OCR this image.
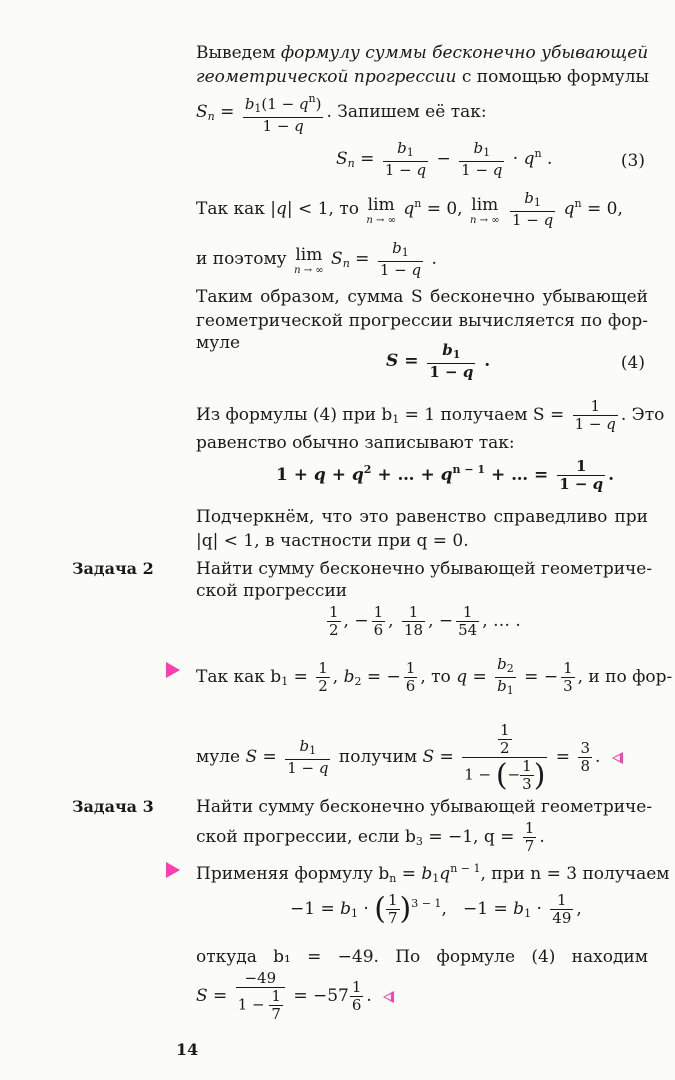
Выведем формулу суммы бесконечно убывающей
геометрической прогрессии с помощью формулы
$S_n = \frac{b_1(1 - q^n)}{1 - q}$ . Запишем её так:
$S_n = \frac{b_1}{1 - q} - \frac{b_1}{1 - q} \cdot q^n$ .	(3)
Так как |q| < 1, то lim
n → ∞
$q^n = 0$, lim
n → ∞
$\frac{b_1}{1 - q} q^n = 0$,
и поэтому lim
n → ∞
$S_n = \frac{b_1}{1 - q}$ .
Таким образом, сумма S бесконечно убывающей
геометрической прогрессии вычисляется по фор-
муле
$S = \frac{b_1}{1 - q}$ .	(4)
Из формулы (4) при $b_1 = 1$ получаем $S = \frac{1}{1 - q}$ . Это
равенство обычно записывают так:
$1 + q + q^2$ + … + $q^{n - 1}$ + … = $\frac{1}{1 - q}$ .
Подчеркнём, что это равенство справедливо при
|q| < 1, в частности при q = 0.
Задача 2 Найти сумму бесконечно убывающей геометриче-
ской прогрессии
$\frac{1}{2}$ , − $\frac{1}{6}$ , $\frac{1}{18}$ , − $\frac{1}{54}$ , … .
Так как $b_1 = \frac{1}{2}$ , $b_2$ = − $\frac{1}{6}$ , то $q = \frac{b_2}{b_1}$ = − $\frac{1}{3}$ , и по фор-
муле $S = \frac{b_1}{1 - q}$ получим $S = \frac{\frac{1}{2}}{1 - (- \frac{1}{3} )} = \frac{3}{8}$ .
Задача 3 Найти сумму бесконечно убывающей геометриче-
ской прогрессии, если $b_3 = -1$, $q = \frac{1}{7}$ .
Применяя формулу $b_n = b_1q^{n - 1}$, при n = 3 получаем
$-1 = b_1$ · ( $\frac{1}{7} )^{3 - 1}$,   $-1 = b_1 \cdot \frac{1}{49}$ ,
откуда b₁ = −49. По формуле (4) находим
$S = \frac{-49}{1 - \frac{1}{7}} = -57 \frac{1}{6}$ .
14
